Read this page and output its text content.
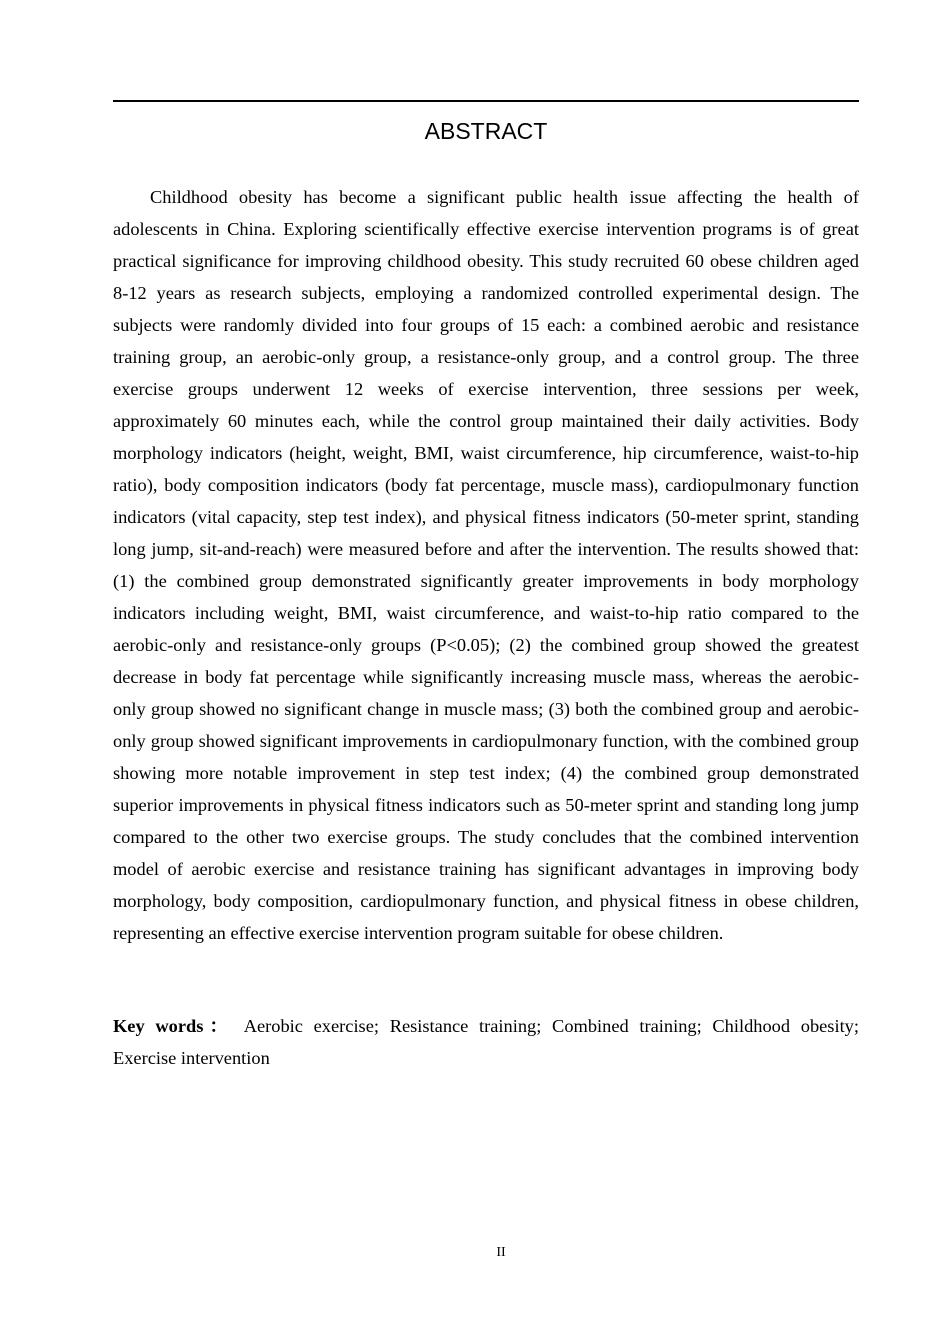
ABSTRACT

Childhood obesity has become a significant public health issue affecting the health of adolescents in China. Exploring scientifically effective exercise intervention programs is of great practical significance for improving childhood obesity. This study recruited 60 obese children aged 8-12 years as research subjects, employing a randomized controlled experimental design. The subjects were randomly divided into four groups of 15 each: a combined aerobic and resistance training group, an aerobic-only group, a resistance-only group, and a control group. The three exercise groups underwent 12 weeks of exercise intervention, three sessions per week, approximately 60 minutes each, while the control group maintained their daily activities. Body morphology indicators (height, weight, BMI, waist circumference, hip circumference, waist-to-hip ratio), body composition indicators (body fat percentage, muscle mass), cardiopulmonary function indicators (vital capacity, step test index), and physical fitness indicators (50-meter sprint, standing long jump, sit-and-reach) were measured before and after the intervention. The results showed that: (1) the combined group demonstrated significantly greater improvements in body morphology indicators including weight, BMI, waist circumference, and waist-to-hip ratio compared to the aerobic-only and resistance-only groups (P<0.05); (2) the combined group showed the greatest decrease in body fat percentage while significantly increasing muscle mass, whereas the aerobic-only group showed no significant change in muscle mass; (3) both the combined group and aerobic-only group showed significant improvements in cardiopulmonary function, with the combined group showing more notable improvement in step test index; (4) the combined group demonstrated superior improvements in physical fitness indicators such as 50-meter sprint and standing long jump compared to the other two exercise groups. The study concludes that the combined intervention model of aerobic exercise and resistance training has significant advantages in improving body morphology, body composition, cardiopulmonary function, and physical fitness in obese children, representing an effective exercise intervention program suitable for obese children.

Key words： Aerobic exercise; Resistance training; Combined training; Childhood obesity; Exercise intervention

II
